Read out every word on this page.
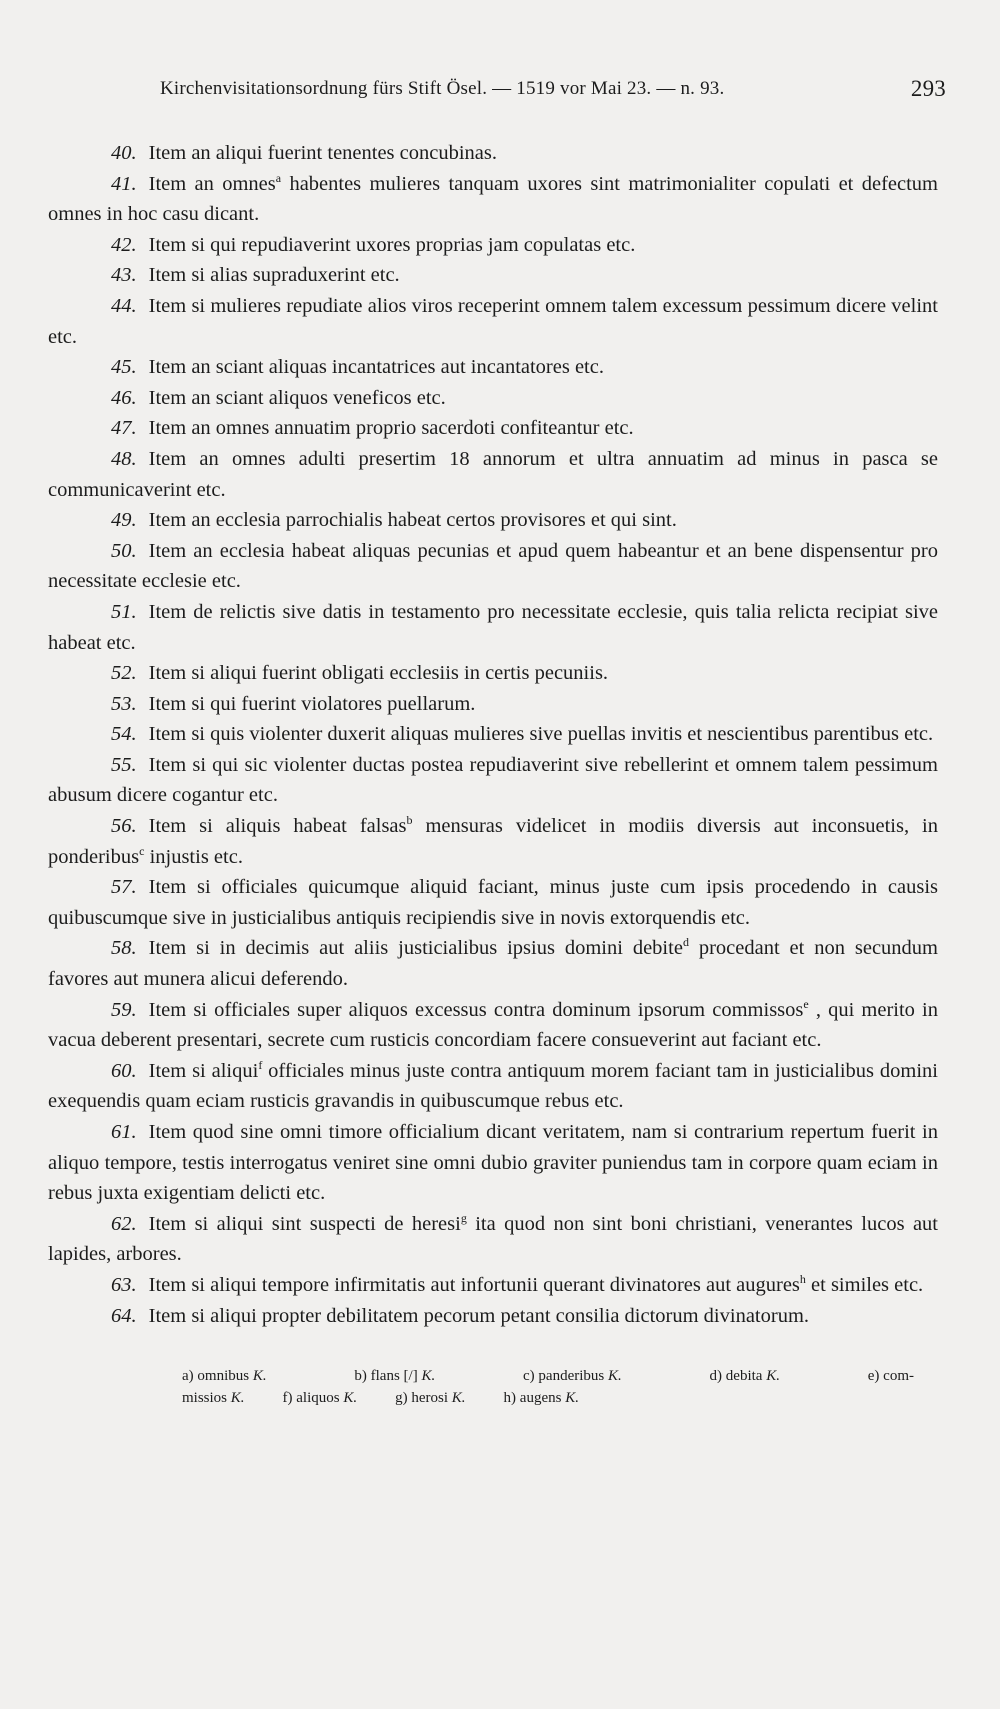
Kirchenvisitationsordnung fürs Stift Ösel. — 1519 vor Mai 23. — n. 93.	293

40. Item an aliqui fuerint tenentes concubinas.

41. Item an omnes$^a$ habentes mulieres tanquam uxores sint matrimonialiter copulati et defectum omnes in hoc casu dicant.

42. Item si qui repudiaverint uxores proprias jam copulatas etc.

43. Item si alias supraduxerint etc.

44. Item si mulieres repudiate alios viros receperint omnem talem excessum pessimum dicere velint etc.

45. Item an sciant aliquas incantatrices aut incantatores etc.

46. Item an sciant aliquos veneficos etc.

47. Item an omnes annuatim proprio sacerdoti confiteantur etc.

48. Item an omnes adulti presertim 18 annorum et ultra annuatim ad minus in pasca se communicaverint etc.

49. Item an ecclesia parrochialis habeat certos provisores et qui sint.

50. Item an ecclesia habeat aliquas pecunias et apud quem habeantur et an bene dispensentur pro necessitate ecclesie etc.

51. Item de relictis sive datis in testamento pro necessitate ecclesie, quis talia relicta recipiat sive habeat etc.

52. Item si aliqui fuerint obligati ecclesiis in certis pecuniis.

53. Item si qui fuerint violatores puellarum.

54. Item si quis violenter duxerit aliquas mulieres sive puellas invitis et nescientibus parentibus etc.

55. Item si qui sic violenter ductas postea repudiaverint sive rebellerint et omnem talem pessimum abusum dicere cogantur etc.

56. Item si aliquis habeat falsas$^b$ mensuras videlicet in modiis diversis aut inconsuetis, in ponderibus$^c$ injustis etc.

57. Item si officiales quicumque aliquid faciant, minus juste cum ipsis procedendo in causis quibuscumque sive in justicialibus antiquis recipiendis sive in novis extorquendis etc.

58. Item si in decimis aut aliis justicialibus ipsius domini debite$^d$ procedant et non secundum favores aut munera alicui deferendo.

59. Item si officiales super aliquos excessus contra dominum ipsorum commissos$^e$ , qui merito in vacua deberent presentari, secrete cum rusticis concordiam facere consueverint aut faciant etc.

60. Item si aliqui$^f$ officiales minus juste contra antiquum morem faciant tam in justicialibus domini exequendis quam eciam rusticis gravandis in quibuscumque rebus etc.

61. Item quod sine omni timore officialium dicant veritatem, nam si contrarium repertum fuerit in aliquo tempore, testis interrogatus veniret sine omni dubio graviter puniendus tam in corpore quam eciam in rebus juxta exigentiam delicti etc.

62. Item si aliqui sint suspecti de heresi$^g$ ita quod non sint boni christiani, venerantes lucos aut lapides, arbores.

63. Item si aliqui tempore infirmitatis aut infortunii querant divinatores aut augures$^h$ et similes etc.

64. Item si aliqui propter debilitatem pecorum petant consilia dictorum divinatorum.

a) omnibus K.	b) flans [/] K.	c) panderibus K.	d) debita K.	e) com-
missios K.	f) aliquos K.	g) herosi K.	h) augens K.
